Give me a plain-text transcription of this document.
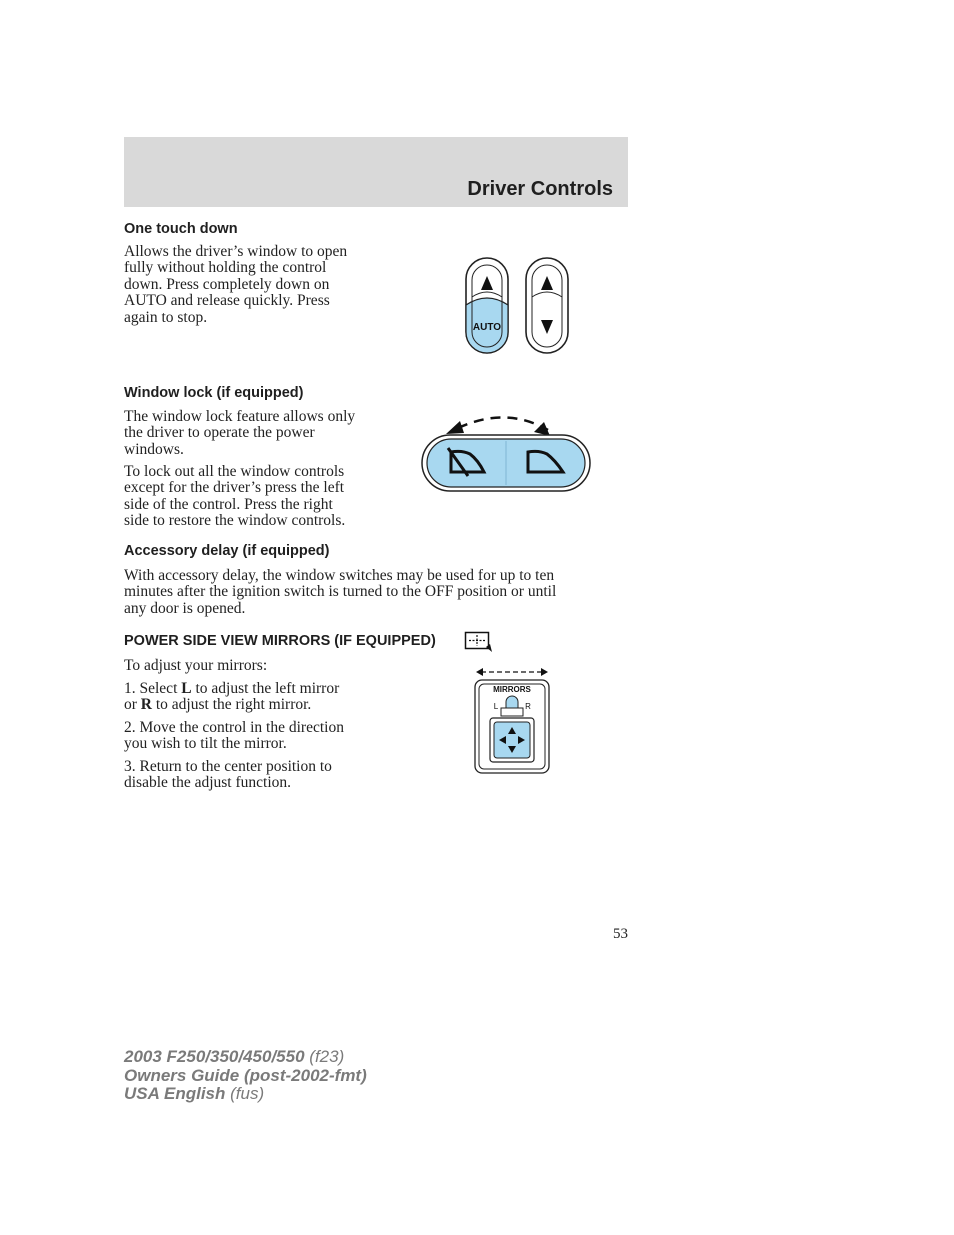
Driver Controls
One touch down
Allows the driver’s window to open
fully without holding the control
down. Press completely down on
AUTO and release quickly. Press
again to stop.
AUTO
Window lock (if equipped)
The window lock feature allows only
the driver to operate the power
windows.
To lock out all the window controls
except for the driver’s press the left
side of the control. Press the right
side to restore the window controls.
Accessory delay (if equipped)
With accessory delay, the window switches may be used for up to ten
minutes after the ignition switch is turned to the OFF position or until
any door is opened.
POWER SIDE VIEW MIRRORS (IF EQUIPPED)
To adjust your mirrors:
1. Select L to adjust the left mirror
or R to adjust the right mirror.
2. Move the control in the direction
you wish to tilt the mirror.
3. Return to the center position to
disable the adjust function.
MIRRORS
L	R
53
2003 F250/350/450/550 (f23)
Owners Guide (post-2002-fmt)
USA English (fus)
